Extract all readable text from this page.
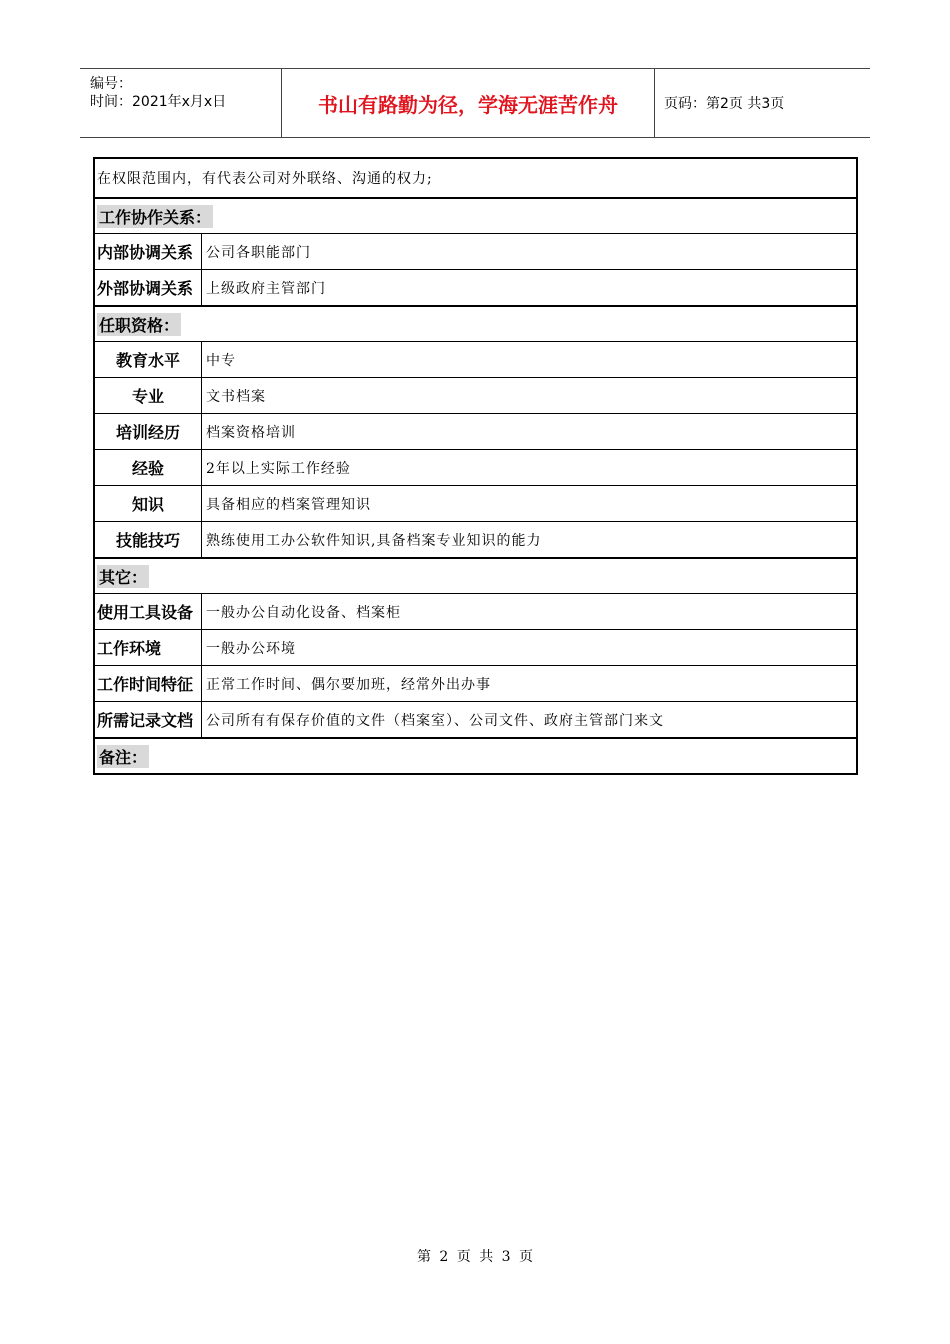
编号：
时间：2021年x月x日	书山有路勤为径，学海无涯苦作舟	页码：第2页 共3页
在权限范围内，有代表公司对外联络、沟通的权力;
工作协作关系：
内部协调关系 公司各职能部门
外部协调关系 上级政府主管部门
任职资格：
教育水平	中专
专业	文书档案
培训经历	档案资格培训
经验	2年以上实际工作经验
知识	具备相应的档案管理知识
技能技巧	熟练使用工办公软件知识,具备档案专业知识的能力
其它：
使用工具设备 一般办公自动化设备、档案柜
工作环境	一般办公环境
工作时间特征 正常工作时间、偶尔要加班，经常外出办事
所需记录文档 公司所有有保存价值的文件（档案室）、公司文件、政府主管部门来文
备注：
第 2 页 共 3 页
